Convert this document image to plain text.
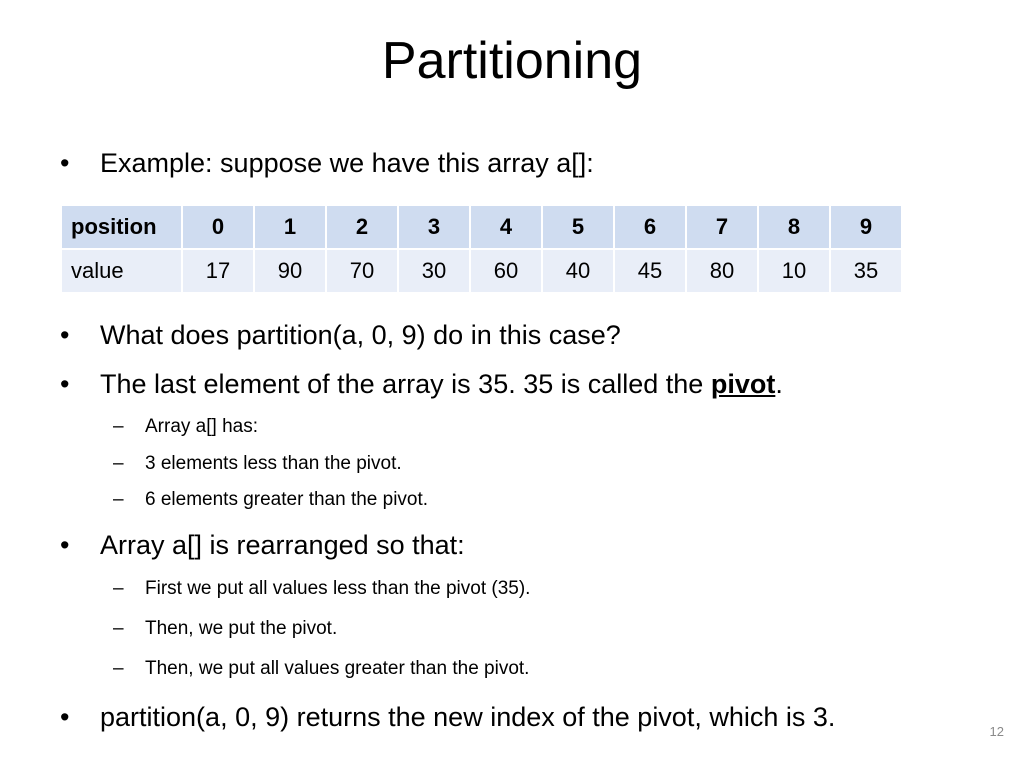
Partitioning
• Example: suppose we have this array a[]:
position	0	1	2	3	4	5	6	7	8	9
value	17	90	70	30	60	40	45	80	10	35
• What does partition(a, 0, 9) do in this case?
• The last element of the array is 35. 35 is called the pivot.
– Array a[] has:
– 3 elements less than the pivot.
– 6 elements greater than the pivot.
• Array a[] is rearranged so that:
– First we put all values less than the pivot (35).
– Then, we put the pivot.
– Then, we put all values greater than the pivot.
• partition(a, 0, 9) returns the new index of the pivot, which is 3.	12
